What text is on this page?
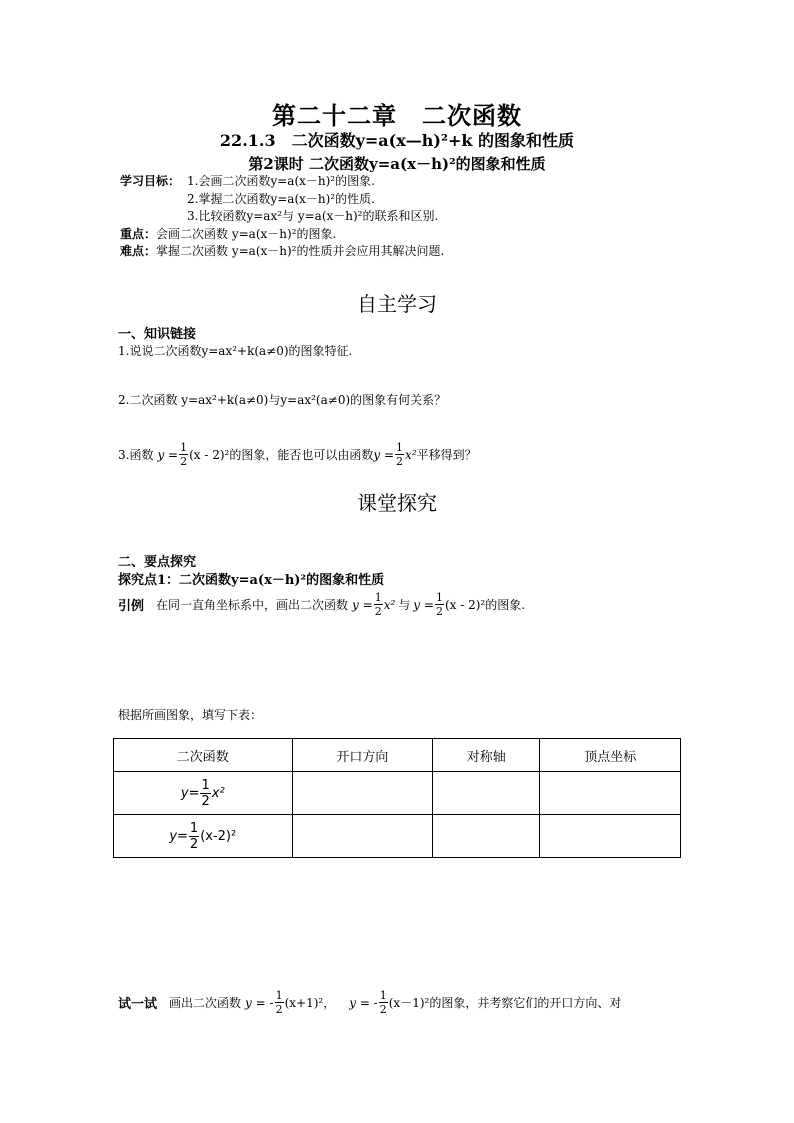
第二十二章　二次函数
22.1.3　二次函数y=a(x—h)²+k 的图象和性质
第2课时 二次函数y=a(x－h)²的图象和性质
学习目标： 1.会画二次函数y=a(x－h)²的图象.
2.掌握二次函数y=a(x－h)²的性质.
3.比较函数y=ax²与 y=a(x－h)²的联系和区别.
重点： 会画二次函数 y=a(x－h)²的图象.
难点： 掌握二次函数 y=a(x－h)²的性质并会应用其解决问题.
自主学习
一、知识链接
1.说说二次函数y=ax²+k(a≠0)的图象特征.
2.二次函数 y=ax²+k(a≠0)与y=ax²(a≠0)的图象有何关系？
3.函数 $y = \frac{1}{2} (x - 2)^2$ 的图象，能否也可以由函数 $y = \frac{1}{2} x^2$ 平移得到？
课堂探究
二、要点探究
探究点1：二次函数y=a(x－h)²的图象和性质
引例 在同一直角坐标系中，画出二次函数 $y = \frac{1}{2} x^2$ 与 $y = \frac{1}{2} (x - 2)^2$ 的图象.
根据所画图象，填写下表：
二次函数	开口方向	对称轴	顶点坐标
$y= \frac{1}{2} x^2$			
$y= \frac{1}{2} (x-2)^2$			
试一试 画出二次函数 y = - $\frac{1}{2} (x+1)^2$ ， y = - $\frac{1}{2} (x-1)^2$ 的图象，并考察它们的开口方向、对
